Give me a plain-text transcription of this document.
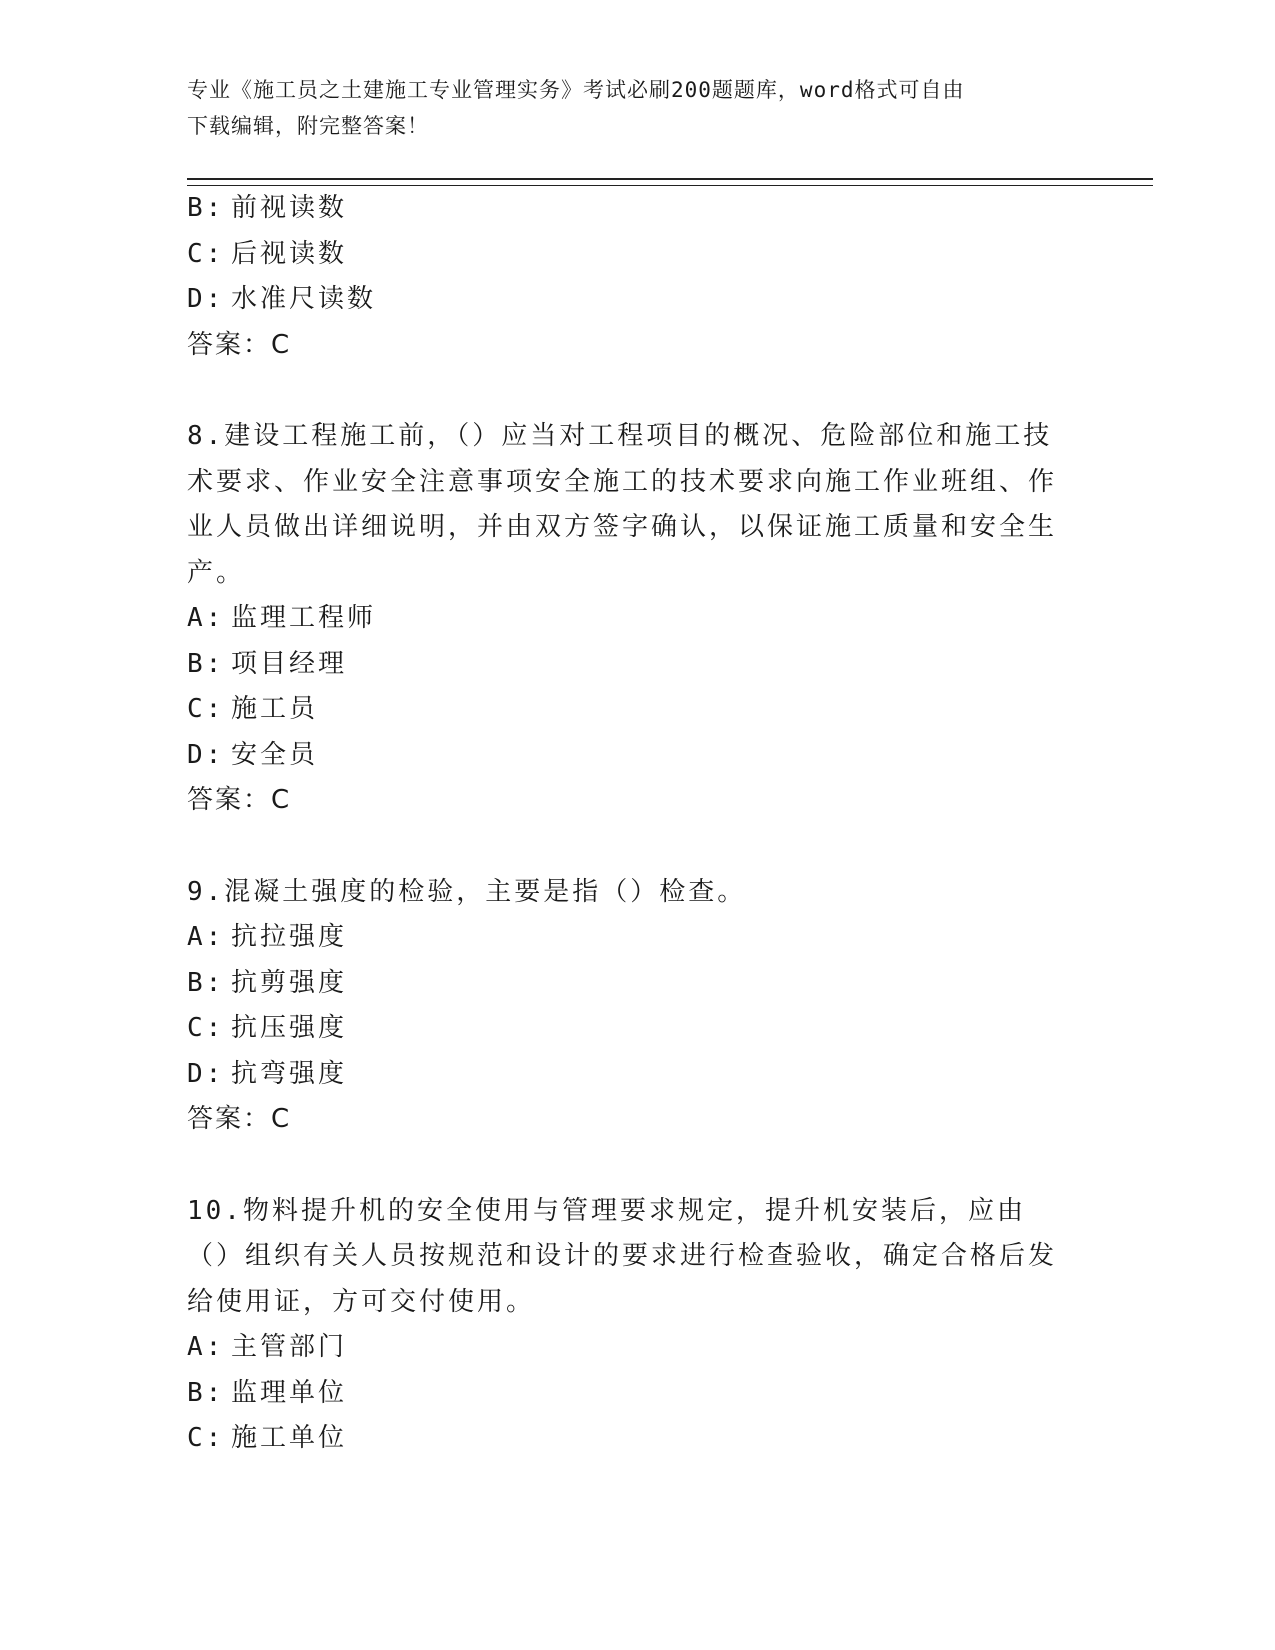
专业《施工员之土建施工专业管理实务》考试必刷200题题库，word格式可自由
下载编辑，附完整答案！
B: 前视读数
C: 后视读数
D: 水准尺读数
答案：C
8.建设工程施工前，（）应当对工程项目的概况、危险部位和施工技术要求、作业安全注意事项安全施工的技术要求向施工作业班组、作业人员做出详细说明，并由双方签字确认，以保证施工质量和安全生产。
A: 监理工程师
B: 项目经理
C: 施工员
D: 安全员
答案：C
9.混凝土强度的检验，主要是指（）检查。
A: 抗拉强度
B: 抗剪强度
C: 抗压强度
D: 抗弯强度
答案：C
10.物料提升机的安全使用与管理要求规定，提升机安装后，应由（）组织有关人员按规范和设计的要求进行检查验收，确定合格后发给使用证，方可交付使用。
A: 主管部门
B: 监理单位
C: 施工单位
